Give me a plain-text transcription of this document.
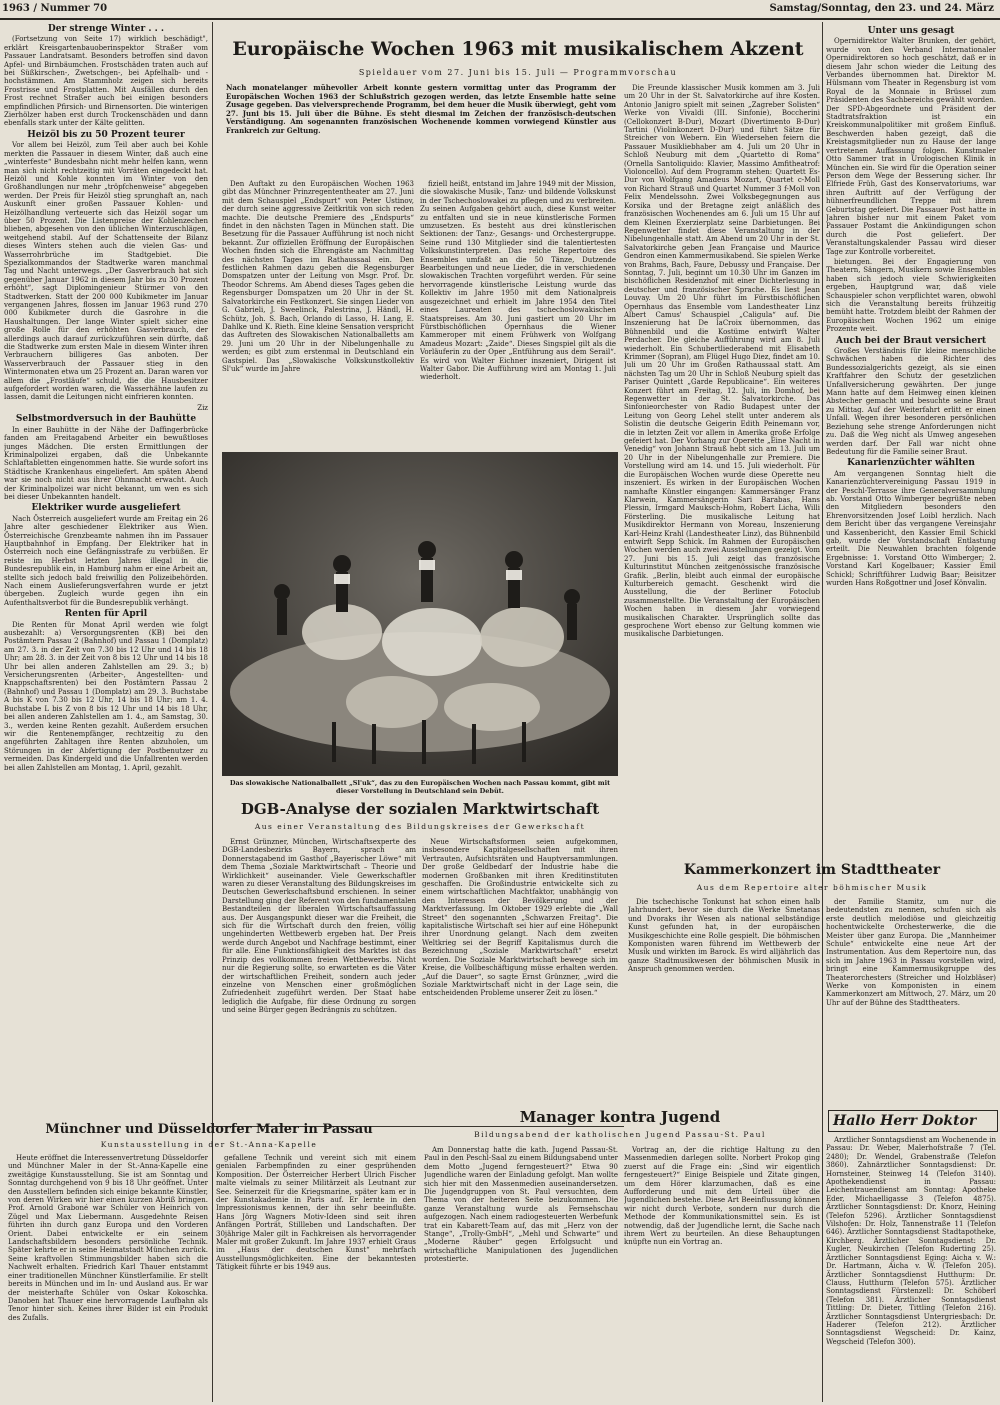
1963 / Nummer 70	Samstag/Sonntag, den 23. und 24. März
Der strenge Winter . . .

(Fortsetzung von Seite 17) wirklich beschädigt", erklärt Kreisgartenbauoberinspektor Straßer vom Passauer Landratsamt. Besonders betroffen sind davon Apfel- und Birnbäumchen. Frostschäden traten auch auf bei Süßkirschen-, Zwetschgen-, bei Apfelhalb- und -hochstämmen. Am Stammholz zeigen sich bereits Frostrisse und Frostplatten. Mit Ausfällen durch den Frost rechnet Straßer auch bei einigen besonders empfindlichen Pfirsich- und Birnensorten. Die winterigen Zierhölzer haben erst durch Trockenschäden und dann ebenfalls stark unter der Kälte gelitten.

Heizöl bis zu 50 Prozent teurer

Vor allem bei Heizöl, zum Teil aber auch bei Kohle merkten die Passauer in diesem Winter, daß auch eine „winterfeste“ Bundesbahn nicht mehr helfen kann, wenn man sich nicht rechtzeitig mit Vorräten eingedeckt hat. Heizöl und Kohle konnten im Winter von den Großhandlungen nur mehr „tröpfchenweise“ abgegeben werden. Der Preis für Heizöl stieg sprunghaft an, nach Auskunft einer großen Passauer Kohlen- und Heizölhandlung verteuerte sich das Heizöl sogar um über 50 Prozent. Die Listenpreise der Kohlenzechen blieben, abgesehen von den üblichen Winterzuschlägen, weitgehend stabil. Auf der Schattenseite der Bilanz dieses Winters stehen auch die vielen Gas- und Wasserrohrbrüche im Stadtgebiet. Die Spezialkommandos der Stadtwerke waren manchmal Tag und Nacht unterwegs. „Der Gasverbrauch hat sich gegenüber Januar 1962 in diesem Jahr bis zu 30 Prozent erhöht“, sagt Diplomingenieur Stürmer von den Stadtwerken. Statt der 200 000 Kubikmeter im Januar vergangenen Jahres, flossen im Januar 1963 rund 270 000 Kubikmeter durch die Gasrohre in die Haushaltungen. Der lange Winter spielt sicher eine große Rolle für den erhöhten Gasverbrauch, der allerdings auch darauf zurückzuführen sein dürfte, daß die Stadtwerke zum ersten Male in diesem Winter ihren Verbrauchern billigeres Gas anboten. Der Wasserverbrauch der Passauer stieg in den Wintermonaten etwa um 25 Prozent an. Daran waren vor allem die „Frostläufe“ schuld, die die Hausbesitzer aufgefordert worden waren, die Wasserhähne laufen zu lassen, damit die Leitungen nicht einfrieren konnten.

Ziz
Selbstmordversuch in der Bauhütte

In einer Bauhütte in der Nähe der Daffingerbrücke fanden am Freitagabend Arbeiter ein bewußtloses junges Mädchen. Die ersten Ermittlungen der Kriminalpolizei ergaben, daß die Unbekannte Schlaftabletten eingenommen hatte. Sie wurde sofort ins Städtische Krankenhaus eingeliefert. Am späten Abend war sie noch nicht aus ihrer Ohnmacht erwacht. Auch der Kriminalpolizei war nicht bekannt, um wen es sich bei dieser Unbekannten handelt.

Elektriker wurde ausgeliefert

Nach Österreich ausgeliefert wurde am Freitag ein 26 Jahre alter geschiedener Elektriker aus Wien. Österreichische Grenzbeamte nahmen ihn im Passauer Hauptbahnhof in Empfang. Der Elektriker hat in Österreich noch eine Gefängnisstrafe zu verbüßen. Er reiste im Herbst letzten Jahres illegal in die Bundesrepublik ein, in Hamburg nahm er eine Arbeit an, stellte sich jedoch bald freiwillig den Polizeibehörden. Nach einem Auslieferungsverfahren wurde er jetzt übergeben. Zugleich wurde gegen ihn ein Aufenthaltsverbot für die Bundesrepublik verhängt.

Renten für April

Die Renten für Monat April werden wie folgt ausbezahlt: a) Versorgungsrenten (KB) bei den Postämtern Passau 2 (Bahnhof) und Passau 1 (Domplatz) am 27. 3. in der Zeit von 7.30 bis 12 Uhr und 14 bis 18 Uhr; am 28. 3. in der Zeit von 8 bis 12 Uhr und 14 bis 18 Uhr bei allen anderen Zahlstellen am 29. 3.; b) Versicherungsrenten (Arbeiter-, Angestellten- und Knappschaftsrenten) bei den Postämtern Passau 2 (Bahnhof) und Passau 1 (Domplatz) am 29. 3. Buchstabe A bis K von 7.30 bis 12 Uhr, 14 bis 18 Uhr; am 1. 4. Buchstabe L bis Z von 8 bis 12 Uhr und 14 bis 18 Uhr, bei allen anderen Zahlstellen am 1. 4., am Samstag, 30. 3., werden keine Renten gezahlt. Außerdem ersuchen wir die Rentenempfänger, rechtzeitig zu den angeführten Zahltagen ihre Renten abzuholen, um Störungen in der Abfertigung der Postbenutzer zu vermeiden. Das Kindergeld und die Unfallrenten werden bei allen Zahlstellen am Montag, 1. April, gezahlt.

Europäische Wochen 1963 mit musikalischem Akzent
Spieldauer vom 27. Juni bis 15. Juli — Programmvorschau
Nach monatelanger mühevoller Arbeit konnte gestern vormittag unter das Programm der Europäischen Wochen 1963 der Schlußstrich gezogen werden, das letzte Ensemble hatte seine Zusage gegeben. Das vielversprechende Programm, bei dem heuer die Musik überwiegt, geht vom 27. Juni bis 15. Juli über die Bühne. Es steht diesmal im Zeichen der französisch-deutschen Verständigung. Am sogenannten französischen Wochenende kommen vorwiegend Künstler aus Frankreich zur Geltung.

Den Auftakt zu den Europäischen Wochen 1963 gibt das Münchner Prinzregententheater am 27. Juni mit dem Schauspiel „Endspurt“ von Peter Ustinov, der durch seine aggressive Zeitkritik von sich reden machte. Die deutsche Premiere des „Endspurts“ findet in den nächsten Tagen in München statt. Die Besetzung für die Passauer Aufführung ist noch nicht bekannt. Zur offiziellen Eröffnung der Europäischen Wochen finden sich die Ehrengäste am Nachmittag des nächsten Tages im Rathaussaal ein. Den festlichen Rahmen dazu geben die Regensburger Domspatzen unter der Leitung von Msgr. Prof. Dr. Theodor Schrems. Am Abend dieses Tages geben die Regensburger Domspatzen um 20 Uhr in der St. Salvatorkirche ein Festkonzert. Sie singen Lieder von G. Gabrieli, J. Sweelinck, Palestrina, J. Händl, H. Schütz, Joh. S. Bach, Orlando di Lasso, H. Lang, E. Dahlke und K. Rieth. Eine kleine Sensation verspricht das Auftreten des Slowakischen Nationalballetts am 29. Juni um 20 Uhr in der Nibelungenhalle zu werden; es gibt zum erstenmal in Deutschland ein Gastspiel. Das „Slowakische Volkskunstkollektiv Sl'uk“ wurde im Jahre

fiziell heißt, entstand im Jahre 1949 mit der Mission, die slowakische Musik-, Tanz- und bildende Volkskunst in der Tschechoslowakei zu pflegen und zu verbreiten. Zu seinen Aufgaben gehört auch, diese Kunst weiter zu entfalten und sie in neue künstlerische Formen umzusetzen. Es besteht aus drei künstlerischen Sektionen: der Tanz-, Gesangs- und Orchestergruppe. Seine rund 130 Mitglieder sind die talentiertesten Volkskunstinterpreten. Das reiche Repertoire des Ensembles umfaßt an die 50 Tänze, Dutzende Bearbeitungen und neue Lieder, die in verschiedenen slowakischen Trachten vorgeführt werden. Für seine hervorragende künstlerische Leistung wurde das Kollektiv im Jahre 1950 mit dem Nationalpreis ausgezeichnet und erhielt im Jahre 1954 den Titel eines Laureaten des tschechoslowakischen Staatspreises. Am 30. Juni gastiert um 20 Uhr im Fürstbischöflichen Opernhaus die Wiener Kammeroper mit einem Frühwerk von Wolfgang Amadeus Mozart: „Zaide“. Dieses Singspiel gilt als die Vorläuferin zu der Oper „Entführung aus dem Serail“. Es wird von Walter Eichner inszeniert, Dirigent ist Walter Gabor. Die Aufführung wird am Montag 1. Juli wiederholt.

Die Freunde klassischer Musik kommen am 3. Juli um 20 Uhr in der St. Salvatorkirche auf ihre Kosten. Antonio Janigro spielt mit seinen „Zagreber Solisten“ Werke von Vivaldi (III. Sinfonie), Boccherini (Cellokonzert B-Dur), Mozart (Divertimento B-Dur) Tartini (Violinkonzert D-Dur) und führt Sätze für Streicher von Webern. Ein Wiedersehen feiern die Passauer Musikliebhaber am 4. Juli um 20 Uhr in Schloß Neuburg mit dem „Quartetto di Roma“ (Ornella Santoliquido: Klavier, Massimo Amfitheatrof: Violoncello). Auf dem Programm stehen: Quartett Es-Dur von Wolfgang Amadeus Mozart, Quartet c-Moll von Richard Strauß und Quartet Nummer 3 f-Moll von Felix Mendelssohn. Zwei Volksbegegnungen aus Korsika und der Bretagne zeigt anläßlich des französischen Wochenendes am 6. Juli um 15 Uhr auf dem Kleinen Exerzierplatz seine Darbietungen. Bei Regenwetter findet diese Veranstaltung in der Nibelungenhalle statt. Am Abend um 20 Uhr in der St. Salvatorkirche geben Jean Française und Maurice Gendron einen Kammermusikabend. Sie spielen Werke von Brahms, Bach, Faure, Debussy und Française. Der Sonntag, 7. Juli, beginnt um 10.30 Uhr im Ganzen im bischöflichen Residenzhof mit einer Dichterlesung in deutscher und französischer Sprache. Es liest Jean Louvay. Um 20 Uhr führt im Fürstbischöflichen Opernhaus das Ensemble vom Landestheater Linz Albert Camus' Schauspiel „Caligula“ auf. Die Inszenierung hat De laCroix übernommen, das Bühnenbild und die Kostüme entwirft Walter Perdacher. Die gleiche Aufführung wird am 8. Juli wiederholt. Ein Schubertliederabend mit Elisabeth Krimmer (Sopran), am Flügel Hugo Diez, findet am 10. Juli um 20 Uhr im Großen Rathaussaal statt. Am nächsten Tag um 20 Uhr in Schloß Neuburg spielt das Pariser Quintett „Garde Republicaine“. Ein weiteres Konzert führt am Freitag, 12. Juli, im Domhof, bei Regenwetter in der St. Salvatorkirche. Das Sinfonieorchester von Radio Budapest unter der Leitung von Georg Lehel stellt unter anderem als Solistin die deutsche Geigerin Edith Peinemann vor, die in letzten Zeit vor allem in Amerika große Erfolge gefeiert hat. Der Vorhang zur Operette „Eine Nacht in Venedig“ von Johann Strauß hebt sich am 13. Juli um 20 Uhr in der Nibelungenhalle zur Premiere. Die Vorstellung wird am 14. und 15. Juli wiederholt. Für die Europäischen Wochen wurde diese Operette neu inszeniert. Es wirken in der Europäischen Wochen namhafte Künstler eingangen: Kammersänger Franz Klarwein, Kammersängerin Sari Barabas, Hans Plessin, Irmgard Mauksch-Hohm, Robert Licha, Willi Försterling. Die musikalische Leitung hat Musikdirektor Hermann von Moreau, Inszenierung Karl-Heinz Krahl (Landestheater Linz), das Bühnenbild entwirft Sepp Schick. Im Rahmen der Europäischen Wochen werden auch zwei Ausstellungen gezeigt. Vom 27. Juni bis 15. Juli zeigt das französische Kulturinstitut München zeitgenössische französische Grafik. „Berlin, bleibt auch einmal der europäische Kulturbereich gemacht. Geschenkt wird die Ausstellung, die der Berliner Fotoclub zusammenstellte. Die Veranstaltung der Europäischen Wochen haben in diesem Jahr vorwiegend musikalischen Charakter. Ursprünglich sollte das gesprochene Wort ebenso zur Geltung kommen wie musikalische Darbietungen.

Das slowakische Nationalballett „Sl'uk“, das zu den Europäischen Wochen nach Passau kommt, gibt mit dieser Vorstellung in Deutschland sein Debüt.
DGB-Analyse der sozialen Marktwirtschaft
Aus einer Veranstaltung des Bildungskreises der Gewerkschaft

Ernst Grünzner, München, Wirtschaftsexperte des DGB-Landesbezirks Bayern, sprach am Donnerstagabend im Gasthof „Bayerischer Löwe“ mit dem Thema „Soziale Marktwirtschaft – Theorie und Wirklichkeit“ auseinander. Viele Gewerkschaftler waren zu dieser Veranstaltung des Bildungskreises im Deutschen Gewerkschaftsbund erschienen. In seiner Darstellung ging der Referent von den fundamentalen Bestandteilen der liberalen Wirtschaftsauffassung aus. Der Ausgangspunkt dieser war die Freiheit, die sich für die Wirtschaft durch den freien, völlig ungehinderten Wettbewerb ergeben hat. Der Preis werde durch Angebot und Nachfrage bestimmt, einer für alle. Eine Funktionsfähigkeit des Marktes ist das Prinzip des vollkommen freien Wettbewerbs. Nicht nur die Regierung sollte, so erwarteten es die Väter der wirtschaftlichen Freiheit, sondern auch jeder einzelne von Menschen einer großmöglichen Zufriedenheit zugeführt werden. Der Staat habe lediglich die Aufgabe, für diese Ordnung zu sorgen und seine Bürger gegen Bedrängnis zu schützen.

Neue Wirtschaftsformen seien aufgekommen, insbesondere Kapitalgesellschaften mit ihren Vertrauten, Aufsichtsräten und Hauptversammlungen. Der große Geldbedarf der Industrie habe die modernen Großbanken mit ihren Kreditinstituten geschaffen. Die Großindustrie entwickelte sich zu einem wirtschaftlichen Machtfaktor, unabhängig von den Interessen der Bevölkerung und der Marktverfassung. Im Oktober 1929 erlebte die „Wall Street“ den sogenannten „Schwarzen Freitag“. Die kapitalistische Wirtschaft sei hier auf eine Höhepunkt ihrer Unordnung gelangt. Nach dem zweiten Weltkrieg sei der Begriff Kapitalismus durch die Bezeichnung „Soziale Marktwirtschaft“ ersetzt worden. Die Soziale Marktwirtschaft bewege sich im Kreise, die Vollbeschäftigung müsse erhalten werden. „Auf die Dauer“, so sagte Ernst Grünzner, „wird die Soziale Marktwirtschaft nicht in der Lage sein, die entscheidenden Probleme unserer Zeit zu lösen.“

Münchner und Düsseldorfer Maler in Passau
Kunstausstellung in der St.-Anna-Kapelle
Manager kontra Jugend
Bildungsabend der katholischen Jugend Passau-St. Paul

Heute eröffnet die Interessenvertretung Düsseldorfer und Münchner Maler in der St.-Anna-Kapelle eine zweitägige Kunstausstellung. Sie ist am Sonntag und Sonntag durchgehend von 9 bis 18 Uhr geöffnet. Unter den Ausstellern befinden sich einige bekannte Künstler, von deren Wirken wir hier einen kurzen Abriß bringen. Prof. Arnold Graboné war Schüler von Heinrich von Zügel und Max Liebermann. Ausgedehnte Reisen führten ihn durch ganz Europa und den Vorderen Orient. Dabei entwickelte er ein seinem Landschaftsbildern besonders persönliche Technik. Später kehrte er in seine Heimatstadt München zurück. Seine kraftvollen Stimmungsbilder haben sich die Nachwelt erhalten. Friedrich Karl Thauer entstammt einer traditionellen Münchner Künstlerfamilie. Er stellt bereits in München und im In- und Ausland aus. Er war der meisterhafte Schüler von Oskar Kokoschka. Danoben hat Thauer eine hervorragende Laufbahn als Tenor hinter sich. Keines ihrer Bilder ist ein Produkt des Zufalls.

gefallene Technik und vereint sich mit einem genialen Farbempfinden zu einer gesprühenden Komposition. Der Österreicher Herbert Ulrich Fischer malte vielmals zu seiner Militärzeit als Leutnant zur See. Seinerzeit für die Kriegsmarine, später kam er in der Kunstakademie in Paris auf. Er lernte in den Impressionismus kennen, der ihn sehr beeinflußte. Hans Jörg Wagners Motiv-Ideen sind seit ihren Anfängen Porträt, Stillleben und Landschaften. Der 30jährige Maler gilt in Fachkreisen als hervorragender Maler mit großer Zukunft. Im Jahre 1937 erhielt Graus im „Haus der deutschen Kunst“ mehrfach Ausstellungsmöglichkeiten. Eine der bekanntesten Tätigkeit führte er bis 1949 aus.

Am Donnerstag hatte die kath. Jugend Passau-St. Paul in den Peschl-Saal zu einem Bildungsabend unter dem Motto „Jugend ferngesteuert?“ Etwa 90 Jugendliche waren der Einladung gefolgt. Man wollte sich hier mit den Massenmedien auseinandersetzen. Die Jugendgruppen von St. Paul versuchten, dem Thema von der heiteren Seite beizukommen. Die ganze Veranstaltung wurde als Fernsehschau aufgezogen. Nach einem radiogesteuerten Werbefunk trat ein Kabarett-Team auf, das mit „Herz von der Stange“, „Trolly-GmbH“, „Mehl und Schwarte“ und „Moderne Räuber“ gegen Erfolgsucht und wirtschaftliche Manipulationen des Jugendlichen protestierte.

Vortrag an, der die richtige Haltung zu den Massenmedien darlegen sollte. Norbert Prokop ging zuerst auf die Frage ein: „Sind wir eigentlich ferngesteuert?“ Einige Beispiele und Zitate gingen, um dem Hörer klarzumachen, daß es eine Aufforderung und mit dem Urteil über die Jugendlichen bestehe. Diese Art Beeinflussung können wir nicht durch Verbote, sondern nur durch die Methode der Kommunikationsmittel sein. Es ist notwendig, daß der Jugendliche lernt, die Sache nach ihrem Wert zu beurteilen. An diese Behauptungen knüpfte nun ein Vortrag an.

Unter uns gesagt

Opernidirektor Walter Brunken, der gehört, wurde von den Verband Internationaler Opernidirektoren so hoch geschätzt, daß er in diesem Jahr schon wieder die Leitung des Verbandes übernommen hat. Direktor M. Hülsmann vom Theater in Regensburg ist vom Royal de la Monnaie in Brüssel zum Präsidenten des Sachbereichs gewählt worden. Der SPD-Abgeordnete und Präsident der Stadtratsfraktion ist ein Kreiskommunalpolitiker mit großem Einfluß. Beschwerden haben gezeigt, daß die Kreistagsmitglieder nun zu Hause der lange vertretenen Auffassung folgen. Kunstmaler Otto Sammer trat in Urologischen Klinik in München ein. Sie wird für die Operation seiner Person dem Wege der Besserung sicher. Ihr Elfriede Früh, Gast des Konservatoriums, war ihren Auftritt auf der Verfügung der hühnerfreundlichen Treppe mit ihrem Geburtstag gefeiert. Die Passauer Post hatte in Jahren bisher nur mit einem Paket vom Passauer Postamt die Ankündigungen schon durch die Post geliefert. Der Veranstaltungskalender Passau wird dieser Tage zur Kontrolle vorbereitet.

bietungen. Bei der Engagierung von Theatern, Sängern, Musikern sowie Ensembles haben sich jedoch viele Schwierigkeiten ergeben, Hauptgrund war, daß viele Schauspieler schon verpflichtet waren, obwohl sich die Veranstaltung bereits frühzeitig bemüht hatte. Trotzdem bleibt der Rahmen der Europäischen Wochen 1962 um einige Prozente weit.

Auch bei der Braut versichert

Großes Verständnis für kleine menschliche Schwächen haben die Richter des Bundessozialgerichts gezeigt, als sie einen Kraftfahrer den Schutz der gesetzlichen Unfallversicherung gewährten. Der junge Mann hatte auf dem Heimweg einen kleinen Abstecher gemacht und besuchte seine Braut zu Mittag. Auf der Weiterfahrt erlitt er einen Unfall. Wegen ihrer besonderen persönlichen Beziehung sehe strenge Anforderungen nicht zu. Daß die Weg nicht als Umweg angesehen werden darf. Der Fall war nicht ohne Bedeutung für die Familie seiner Braut.

Kanarienzüchter wählten

Am vergangenen Sonntag hielt die Kanarienzüchtervereinigung Passau 1919 in der Peschl-Terrasse ihre Generalversammlung ab. Vorstand Otto Wimberger begrüßte neben den Mitgliedern besonders den Ehrenvorsitzenden Josef Loibl herzlich. Nach dem Bericht über das vergangene Vereinsjahr und Kassenbericht, den Kassier Emil Schickl gab, wurde der Vorstandschaft Entlastung erteilt. Die Neuwahlen brachten folgende Ergebnisse: 1. Vorstand Otto Wimberger; 2. Vorstand Karl Kogelbauer; Kassier Emil Schickl; Schriftführer Ludwig Baar; Beisitzer wurden Hans Roßgottner und Josef Könvalin.

Kammerkonzert im Stadttheater
Aus dem Repertoire alter böhmischer Musik

Die tschechische Tonkunst hat schon einen halb Jahrhundert, bevor sie durch die Werke Smetanas und Dvoraks ihr Wesen als national selbständige Kunst gefunden hat, in der europäischen Musikgeschichte eine Rolle gespielt. Die böhmischen Komponisten waren führend im Wettbewerb der Musik und wirkten im Barock. Es wird alljährlich das ganze Stadtmusikwesen der böhmischen Musik in Anspruch genommen werden.

der Familie Stamitz, um nur die bedeutendsten zu nennen, schufen sich als erste deutlich melodiöse und gleichzeitig hochentwickelte Orchesterwerke, die die Meister über ganz Europa. Die „Mannheimer Schule“ entwickelte eine neue Art der Instrumentation. Aus dem Repertoire nun, das sich im Jahre 1963 in Passau vorstellen wird, bringt eine Kammermusikgruppe des Theaterorchesters (Streicher und Holzbläser) Werke von Komponisten in einem Kammerkonzert am Mittwoch, 27. März, um 20 Uhr auf der Bühne des Stadttheaters.

Hallo Herr Doktor

Ärztlicher Sonntagsdienst am Wochenende in Passau: Dr. Weber, Malerhofstraße 7 (Tel. 2480); Dr. Wendel, Grabenstraße (Telefon 3860). Zahnärztlicher Sonntagsdienst: Dr. Hornsteiner, Steinweg 14 (Telefon 3140). Apothekendienst in Passau: Leichentrauendienst am Sonntag: Apotheke Eder, Michaelligasse 3 (Telefon 4875). Ärztlicher Sonntagsdienst: Dr. Knorz, Heining (Telefon 5296). Ärztlicher Sonntagsdienst Vilshofen: Dr. Holz, Tannenstraße 11 (Telefon 646). Ärztlicher Sonntagsdienst Stadtapotheke, Kirchberg. Ärztlicher Sonntagsdienst: Dr. Kugler, Neukirchen (Telefon Ruderting 25). Ärztlicher Sonntagsdienst Eging: Aicha v. W.: Dr. Hartmann, Aicha v. W. (Telefon 205). Ärztlicher Sonntagsdienst Hutthurm: Dr. Clauss, Hutthurm (Telefon 575). Ärztlicher Sonntagsdienst Fürstenzell: Dr. Schöberl (Telefon 381). Ärztlicher Sonntagsdienst Tittling: Dr. Dieter, Tittling (Telefon 216). Ärztlicher Sonntagsdienst Untergriesbach: Dr. Haderer (Telefon 212). Ärztlicher Sonntagsdienst Wegscheid: Dr. Kainz, Wegscheid (Telefon 300).
